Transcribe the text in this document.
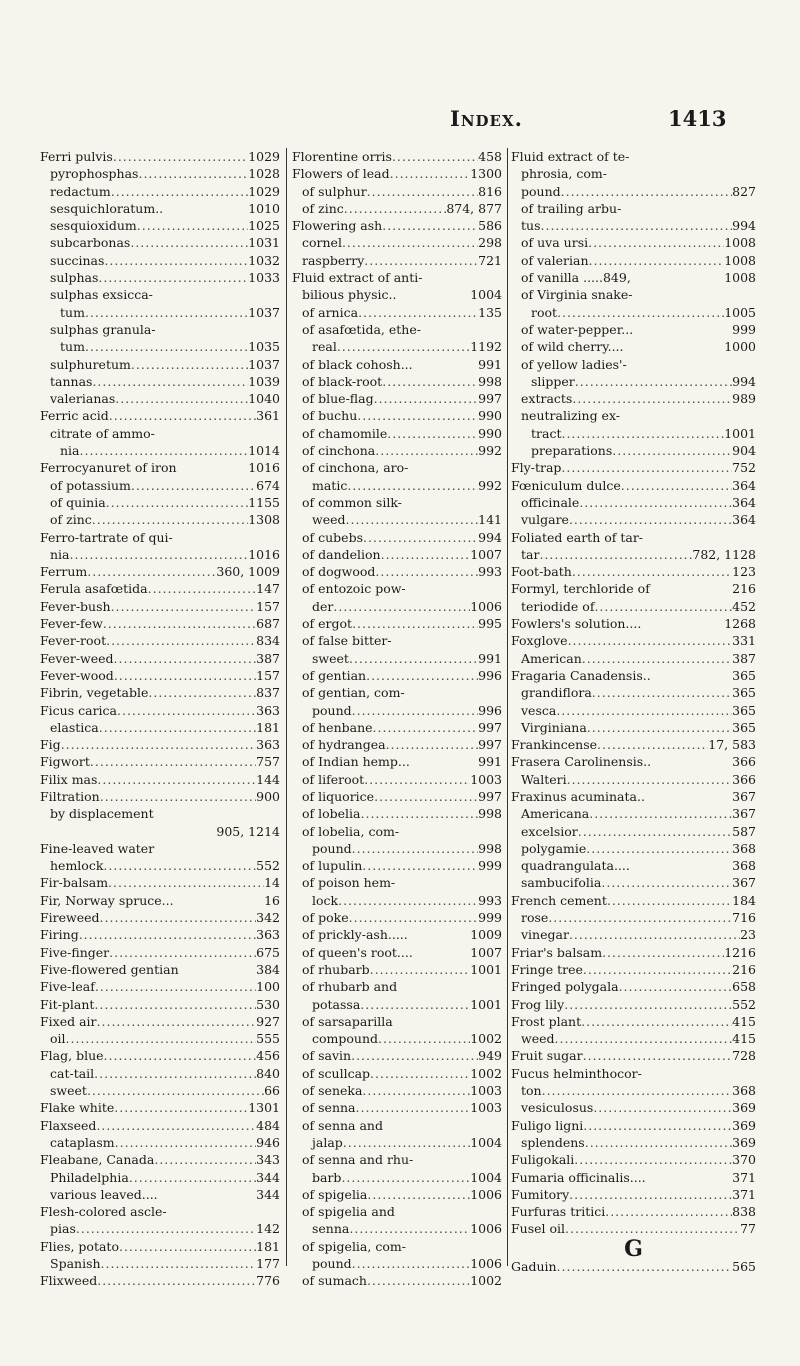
Index.	1413
Ferri pulvis .....	1029
pyrophosphas .....	1028
redactum .....	1029
sesquichloratum..	1010
sesquioxidum .....	1025
subcarbonas .....	1031
succinas .....	1032
sulphas .....	1033
sulphas exsicca-
tum .....	1037
sulphas granula-
tum .....	1035
sulphuretum .....	1037
tannas .....	1039
valerianas .....	1040
Ferric acid .....	361
citrate of ammo-
nia .....	1014
Ferrocyanuret of iron	1016
of potassium .....	674
of quinia .....	1155
of zinc .....	1308
Ferro-tartrate of qui-
nia .....	1016
Ferrum .....	360, 1009
Ferula asafœtida .....	147
Fever-bush .....	157
Fever-few .....	687
Fever-root .....	834
Fever-weed .....	387
Fever-wood .....	157
Fibrin, vegetable .....	837
Ficus carica .....	363
elastica .....	181
Fig .....	363
Figwort .....	757
Filix mas .....	144
Filtration .....	900
by displacement
905, 1214
Fine-leaved water
hemlock .....	552
Fir-balsam .....	14
Fir, Norway spruce...	16
Fireweed .....	342
Firing .....	363
Five-finger .....	675
Five-flowered gentian	384
Five-leaf .....	100
Fit-plant .....	530
Fixed air .....	927
oil .....	555
Flag, blue .....	456
cat-tail .....	840
sweet .....	66
Flake white .....	1301
Flaxseed .....	484
cataplasm .....	946
Fleabane, Canada .....	343
Philadelphia .....	344
various leaved....	344
Flesh-colored ascle-
pias .....	142
Flies, potato .....	181
Spanish .....	177
Flixweed .....	776
Florentine orris .....	458
Flowers of lead .....	1300
of sulphur .....	816
of zinc .....	874, 877
Flowering ash .....	586
cornel .....	298
raspberry .....	721
Fluid extract of anti-
bilious physic..	1004
of arnica .....	135
of asafœtida, ethe-
real .....	1192
of black cohosh...	991
of black-root .....	998
of blue-flag .....	997
of buchu .....	990
of chamomile .....	990
of cinchona .....	992
of cinchona, aro-
matic .....	992
of common silk-
weed .....	141
of cubebs .....	994
of dandelion .....	1007
of dogwood .....	993
of entozoic pow-
der .....	1006
of ergot .....	995
of false bitter-
sweet .....	991
of gentian .....	996
of gentian, com-
pound .....	996
of henbane .....	997
of hydrangea .....	997
of Indian hemp...	991
of liferoot .....	1003
of liquorice .....	997
of lobelia .....	998
of lobelia, com-
pound .....	998
of lupulin .....	999
of poison hem-
lock .....	993
of poke .....	999
of prickly-ash.....	1009
of queen's root....	1007
of rhubarb .....	1001
of rhubarb and
potassa .....	1001
of sarsaparilla
compound .....	1002
of savin .....	949
of scullcap .....	1002
of seneka .....	1003
of senna .....	1003
of senna and
jalap .....	1004
of senna and rhu-
barb .....	1004
of spigelia .....	1006
of spigelia and
senna .....	1006
of spigelia, com-
pound .....	1006
of sumach .....	1002
Fluid extract of te-
phrosia, com-
pound .....	827
of trailing arbu-
tus .....	994
of uva ursi .....	1008
of valerian .....	1008
of vanilla .....849,	1008
of Virginia snake-
root .....	1005
of water-pepper...	999
of wild cherry....	1000
of yellow ladies'-
slipper .....	994
extracts .....	989
neutralizing ex-
tract .....	1001
preparations .....	904
Fly-trap .....	752
Fœniculum dulce .....	364
officinale .....	364
vulgare .....	364
Foliated earth of tar-
tar .....	782, 1128
Foot-bath .....	123
Formyl, terchloride of	216
teriodide of .....	452
Fowlers's solution....	1268
Foxglove .....	331
American .....	387
Fragaria Canadensis..	365
grandiflora .....	365
vesca .....	365
Virginiana .....	365
Frankincense .....	17, 583
Frasera Carolinensis..	366
Walteri .....	366
Fraxinus acuminata..	367
Americana .....	367
excelsior .....	587
polygamie .....	368
quadrangulata....	368
sambucifolia .....	367
French cement .....	184
rose .....	716
vinegar .....	23
Friar's balsam .....	1216
Fringe tree .....	216
Fringed polygala .....	658
Frog lily .....	552
Frost plant .....	415
weed .....	415
Fruit sugar .....	728
Fucus helminthocor-
ton .....	368
vesiculosus .....	369
Fuligo ligni .....	369
splendens .....	369
Fuligokali .....	370
Fumaria officinalis....	371
Fumitory .....	371
Furfuras tritici .....	838
Fusel oil .....	77
G
Gaduin .....	565
